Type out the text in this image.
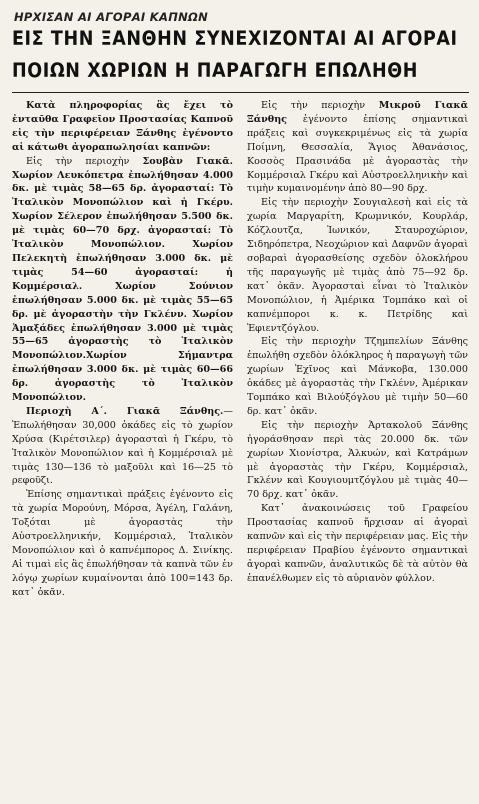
ΗΡΧΙΣΑΝ ΑΙ ΑΓΟΡΑΙ ΚΑΠΝΩΝ
ΕΙΣ ΤΗΝ ΞΑΝΘΗΝ ΣΥΝΕΧΙΖΟΝΤΑΙ ΑΙ ΑΓΟΡΑΙ
ΠΟΙΩΝ ΧΩΡΙΩΝ Η ΠΑΡΑΓΩΓΗ ΕΠΩΛΗΘΗ

Κατὰ πληροφορίας ἃς ἔχει τὸ ἐνταῦθα Γραφεῖον Προστασίας Καπνοῦ εἰς τὴν περιφέρειαν Ξάνθης ἐγένοντο αἱ κάτωθι ἀγοραπωλησίαι καπνῶν:

Εἰς τὴν περιοχὴν Σουβὰν Γιακᾶ. Χωρίον Λευκόπετρα ἐπωλήθησαν 4.000 δκ. μὲ τιμὰς 58—65 δρ. ἀγορασταί: Τὸ Ἰταλικὸν Μονοπώλιον καὶ ἡ Γκέρυ. Χωρίον Σέλερον ἐπωλήθησαν 5.500 δκ. μὲ τιμὰς 60—70 δρχ. ἀγορασταί: Τὸ Ἰταλικὸν Μονοπώλιον. Χωρίον Πελεκητὴ ἐπωλήθησαν 3.000 δκ. μὲ τιμὰς 54—60 ἀγορασταί: ἡ Κομμέρσιαλ. Χωρίον Σούνιον ἐπωλήθησαν 5.000 δκ. μὲ τιμὰς 55—65 δρ. μὲ ἀγοραστὴν τὴν Γκλένν. Χωρίον Ἀμαξάδες ἐπωλήθησαν 3.000 μὲ τιμὰς 55—65 ἀγοραστὴς τὸ Ἰταλικὸν Μονοπώλιον.Χωρίον Σήμαντρα ἐπωλήθησαν 3.000 δκ. μὲ τιμὰς 60—66 δρ. ἀγοραστὴς τὸ Ἰταλικὸν Μονοπώλιον.

Περιοχὴ Α΄. Γιακᾶ Ξάνθης.— Ἐπωλήθησαν 30,000 ὀκάδες εἰς τὸ χωρίον Χρύσα (Κιρέτσιλερ) ἀγορασταὶ ἡ Γκέρυ, τὸ Ἰταλικὸν Μονοπώλιον καὶ ἡ Κομμέρσιαλ μὲ τιμὰς 130—136 τὸ μαξοῦλι καὶ 16—25 τὸ ρεφοῦζι.

Ἐπίσης σημαντικαὶ πράξεις ἐγένοντο εἰς τὰ χωρία Μορούνη, Μόρσα, Ἀγέλη, Γαλάνη, Τοξόται μὲ ἀγοραστὰς τὴν Αὐστροελληνικήν, Κομμέρσιαλ, Ἰταλικὸν Μονοπώλιον καὶ ὁ καπνέμπορος Δ. Σινίκης. Αἱ τιμαὶ εἰς ἃς ἐπωλήθησαν τὰ καπνὰ τῶν ἐν λόγῳ χωρίων κυμαίνονται ἀπὸ 100=143 δρ. κατ᾽ ὀκᾶν.

Εἰς τὴν περιοχὴν Μικροῦ Γιακᾶ Ξάνθης ἐγένοντο ἐπίσης σημαντικαὶ πράξεις καὶ συγκεκριμένως εἰς τὰ χωρία Ποίμνη, Θεσσαλία, Ἅγιος Ἀθανάσιος, Κοσσὸς Πρασινάδα μὲ ἀγοραστὰς τὴν Κομμέρσιαλ Γκέρυ καὶ Αὐστροελληνικὴν καὶ τιμὴν κυμαινομένην ἀπὸ 80—90 δρχ.

Εἰς τὴν περιοχὴν Σουγιαλεσὴ καὶ εἰς τὰ χωρία Μαργαρίτη, Κρωμνικόν, Κουρλάρ, Κόζλουτζα, Ἰωνικόν, Σταυροχώριον, Σιδηρόπετρα, Νεοχώριον καὶ Δαφνῶν ἀγοραὶ σοβαραὶ ἀγορασθείσης σχεδὸν ὁλοκλήρου τῆς παραγωγῆς μὲ τιμὰς ἀπὸ 75—92 δρ. κατ᾽ ὀκᾶν. Ἀγορασταὶ εἶναι τὸ Ἰταλικὸν Μονοπώλιον, ἡ Ἀμέρικα Τομπάκο καὶ οἱ καπνέμποροι κ. κ. Πετρίδης καὶ Ἐφιεντζόγλου.

Εἰς τὴν περιοχὴν Τζημπελίων Ξάνθης ἐπωλήθη σχεδὸν ὁλόκληρος ἡ παραγωγὴ τῶν χωρίων Ἐχῖνος καὶ Μάνκοβα, 130.000 ὀκάδες μὲ ἀγοραστὰς τὴν Γκλένν, Ἀμέρικαν Τομπάκο καὶ Βιλούξόγλου μὲ τιμὴν 50—60 δρ. κατ᾽ ὀκᾶν.

Εἰς τὴν περιοχὴν Ἀρτακολοῦ Ξάνθης ἠγοράσθησαν περὶ τὰς 20.000 δκ. τῶν χωρίων Χιονίστρα, Ἀλκυών, καὶ Κατράμων μὲ ἀγοραστὰς τὴν Γκέρυ, Κομμέρσιαλ, Γκλένν καὶ Κουγιουμτζόγλου μὲ τιμὰς 40—70 δρχ. κατ᾽ ὀκᾶν.

Κατ᾽ ἀνακοινώσεις τοῦ Γραφείου Προστασίας καπνοῦ ἤρχισαν αἱ ἀγοραὶ καπνῶν καὶ εἰς τὴν περιφέρειαν μας. Εἰς τὴν περιφέρειαν Πραβίου ἐγένοντο σημαντικαὶ ἀγοραὶ καπνῶν, ἀναλυτικῶς δὲ τὰ αὐτὸν θὰ ἐπανέλθωμεν εἰς τὸ αὐριανὸν φύλλον.
